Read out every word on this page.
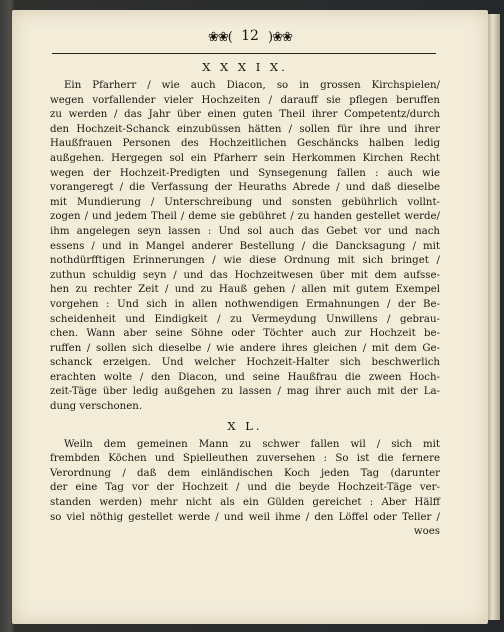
❀❀( 12 )❀❀
X X X I X.

Ein Pfarherr / wie auch Diacon, so in grossen Kirchspielen/
wegen vorfallender vieler Hochzeiten / darauff sie pflegen beruffen
zu werden / das Jahr über einen guten Theil ihrer Competentz/durch
den Hochzeit-Schanck einzubüssen hätten / sollen für ihre und ihrer
Haußfrauen Personen des Hochzeitlichen Geschäncks halben ledig
außgehen. Hergegen sol ein Pfarherr sein Herkommen Kirchen Recht
wegen der Hochzeit-Predigten und Synsegenung fallen : auch wie
vorangeregt / die Verfassung der Heuraths Abrede / und daß dieselbe
mit Mundierung / Unterschreibung und sonsten gebührlich vollnt-
zogen / und jedem Theil / deme sie gebühret / zu handen gestellet werde/
ihm angelegen seyn lassen : Und sol auch das Gebet vor und nach
essens / und in Mangel anderer Bestellung / die Dancksagung / mit
nothdürfftigen Erinnerungen / wie diese Ordnung mit sich bringet /
zuthun schuldig seyn / und das Hochzeitwesen über mit dem aufsse-
hen zu rechter Zeit / und zu Hauß gehen / allen mit gutem Exempel
vorgehen : Und sich in allen nothwendigen Ermahnungen / der Be-
scheidenheit und Eindigkeit / zu Vermeydung Unwillens / gebrau-
chen. Wann aber seine Söhne oder Töchter auch zur Hochzeit be-
ruffen / sollen sich dieselbe / wie andere ihres gleichen / mit dem Ge-
schanck erzeigen. Und welcher Hochzeit-Halter sich beschwerlich
erachten wolte / den Diacon, und seine Haußfrau die zween Hoch-
zeit-Täge über ledig außgehen zu lassen / mag ihrer auch mit der La-
dung verschonen.

X L.

Weiln dem gemeinen Mann zu schwer fallen wil / sich mit
frembden Köchen und Spielleuthen zuversehen : So ist die fernere
Verordnung / daß dem einländischen Koch jeden Tag (darunter
der eine Tag vor der Hochzeit / und die beyde Hochzeit-Täge ver-
standen werden) mehr nicht als ein Gülden gereichet : Aber Hälff
so viel nöthig gestellet werde / und weil ihme / den Löffel oder Teller /
woes
